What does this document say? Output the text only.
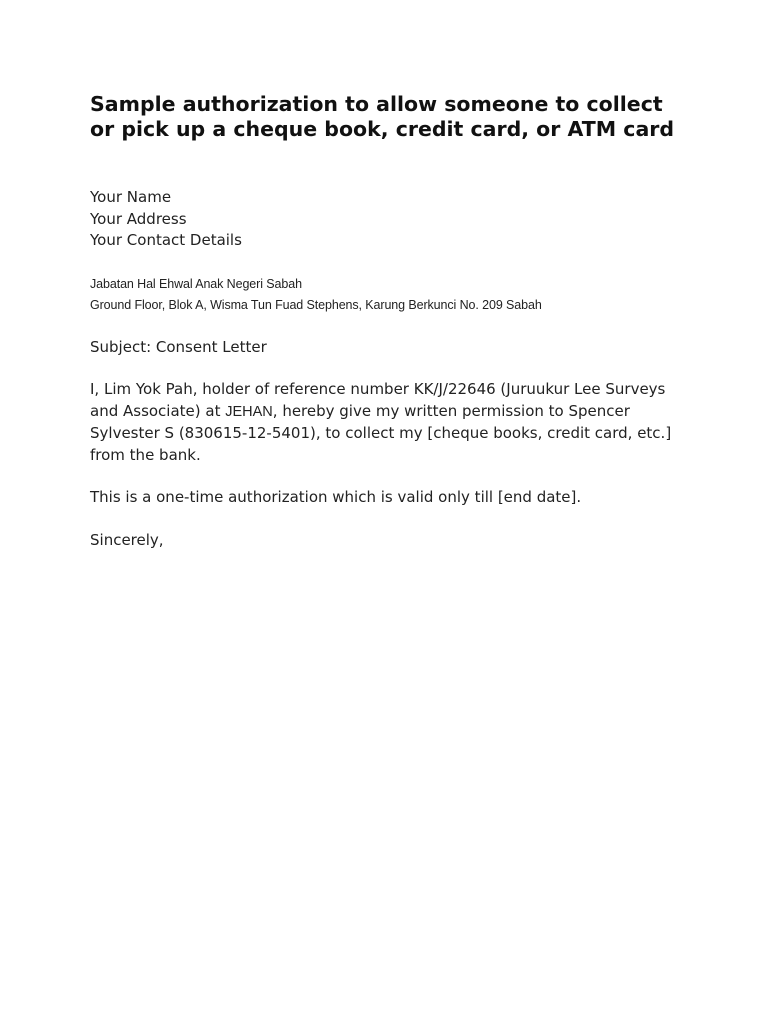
Sample authorization to allow someone to collect or pick up a cheque book, credit card, or ATM card
Your Name
Your Address
Your Contact Details
Jabatan Hal Ehwal Anak Negeri Sabah
Ground Floor, Blok A, Wisma Tun Fuad Stephens, Karung Berkunci No. 209 Sabah
Subject: Consent Letter
I, Lim Yok Pah, holder of reference number KK/J/22646 (Juruukur Lee Surveys and Associate) at JEHAN, hereby give my written permission to Spencer Sylvester S (830615-12-5401), to collect my [cheque books, credit card, etc.] from the bank.
This is a one-time authorization which is valid only till [end date].
Sincerely,
